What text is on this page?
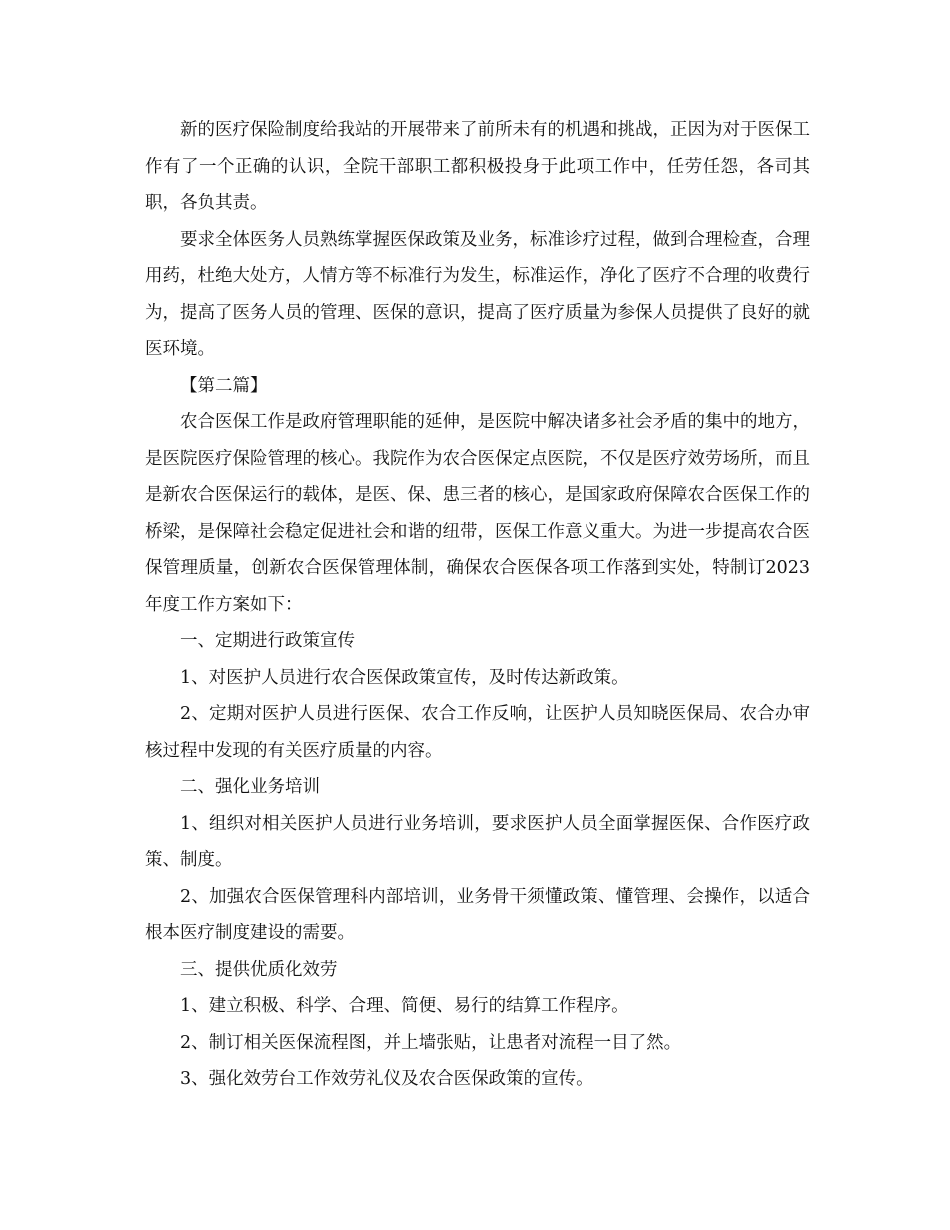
新的医疗保险制度给我站的开展带来了前所未有的机遇和挑战，正因为对于医保工作有了一个正确的认识，全院干部职工都积极投身于此项工作中，任劳任怨，各司其职，各负其责。

要求全体医务人员熟练掌握医保政策及业务，标准诊疗过程，做到合理检查，合理用药，杜绝大处方，人情方等不标准行为发生，标准运作，净化了医疗不合理的收费行为，提高了医务人员的管理、医保的意识，提高了医疗质量为参保人员提供了良好的就医环境。

【第二篇】

农合医保工作是政府管理职能的延伸，是医院中解决诸多社会矛盾的集中的地方，是医院医疗保险管理的核心。我院作为农合医保定点医院，不仅是医疗效劳场所，而且是新农合医保运行的载体，是医、保、患三者的核心，是国家政府保障农合医保工作的桥梁，是保障社会稳定促进社会和谐的纽带，医保工作意义重大。为进一步提高农合医保管理质量，创新农合医保管理体制，确保农合医保各项工作落到实处，特制订2023年度工作方案如下：

一、定期进行政策宣传

1、对医护人员进行农合医保政策宣传，及时传达新政策。

2、定期对医护人员进行医保、农合工作反响，让医护人员知晓医保局、农合办审核过程中发现的有关医疗质量的内容。

二、强化业务培训

1、组织对相关医护人员进行业务培训，要求医护人员全面掌握医保、合作医疗政策、制度。

2、加强农合医保管理科内部培训，业务骨干须懂政策、懂管理、会操作，以适合根本医疗制度建设的需要。

三、提供优质化效劳

1、建立积极、科学、合理、简便、易行的结算工作程序。

2、制订相关医保流程图，并上墙张贴，让患者对流程一目了然。

3、强化效劳台工作效劳礼仪及农合医保政策的宣传。
